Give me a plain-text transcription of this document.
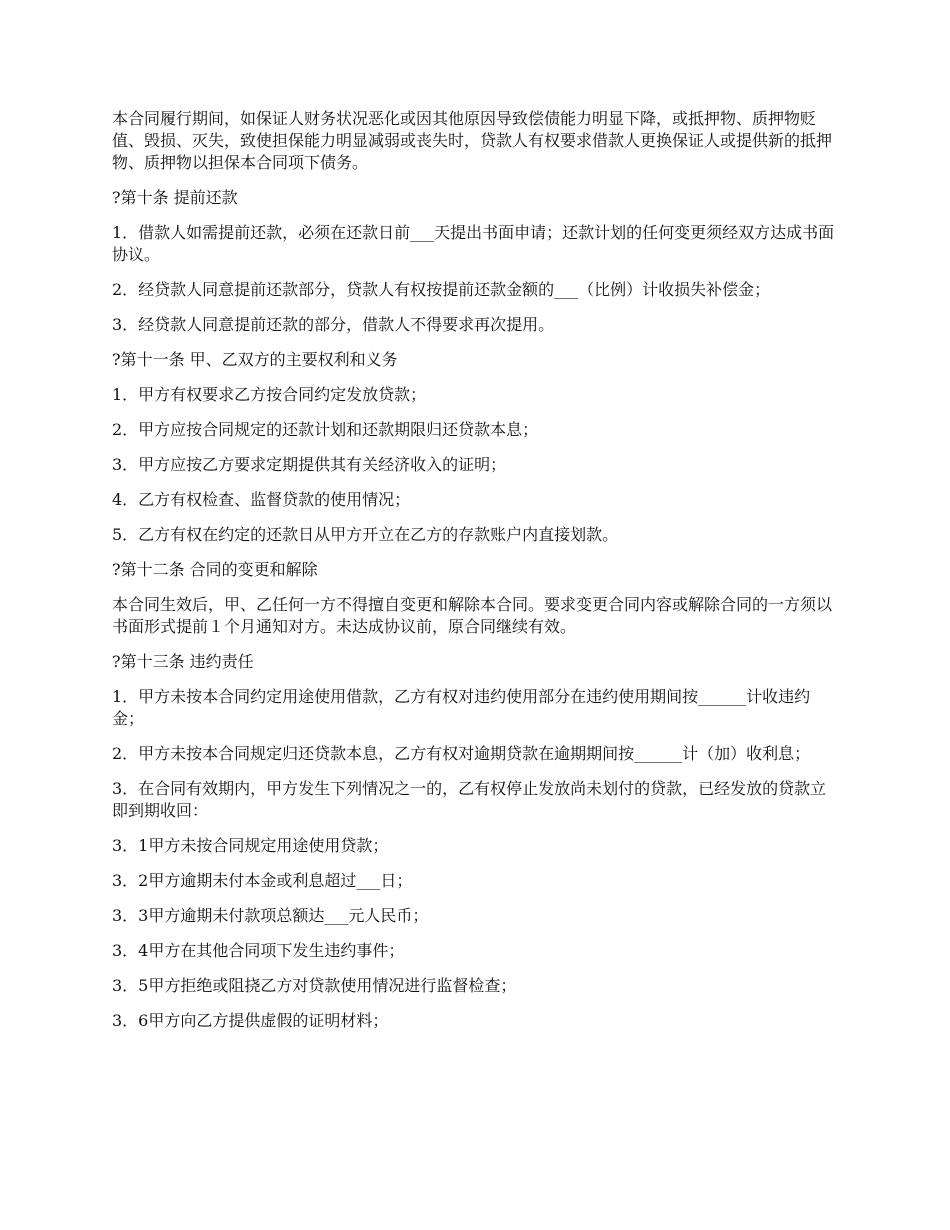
本合同履行期间，如保证人财务状况恶化或因其他原因导致偿债能力明显下降，或抵押物、质押物贬值、毁损、灭失，致使担保能力明显减弱或丧失时，贷款人有权要求借款人更换保证人或提供新的抵押物、质押物以担保本合同项下债务。

?第十条 提前还款

1．借款人如需提前还款，必须在还款日前___天提出书面申请；还款计划的任何变更须经双方达成书面协议。

2．经贷款人同意提前还款部分，贷款人有权按提前还款金额的___（比例）计收损失补偿金；

3．经贷款人同意提前还款的部分，借款人不得要求再次提用。

?第十一条 甲、乙双方的主要权利和义务

1．甲方有权要求乙方按合同约定发放贷款；

2．甲方应按合同规定的还款计划和还款期限归还贷款本息；

3．甲方应按乙方要求定期提供其有关经济收入的证明；

4．乙方有权检查、监督贷款的使用情况；

5．乙方有权在约定的还款日从甲方开立在乙方的存款账户内直接划款。

?第十二条 合同的变更和解除

本合同生效后，甲、乙任何一方不得擅自变更和解除本合同。要求变更合同内容或解除合同的一方须以书面形式提前１个月通知对方。未达成协议前，原合同继续有效。

?第十三条 违约责任

1．甲方未按本合同约定用途使用借款，乙方有权对违约使用部分在违约使用期间按______计收违约金；

2．甲方未按本合同规定归还贷款本息，乙方有权对逾期贷款在逾期期间按______计（加）收利息；

3．在合同有效期内，甲方发生下列情况之一的，乙有权停止发放尚未划付的贷款，已经发放的贷款立即到期收回：

3．1甲方未按合同规定用途使用贷款；

3．2甲方逾期未付本金或利息超过___日；

3．3甲方逾期未付款项总额达___元人民币；

3．4甲方在其他合同项下发生违约事件；

3．5甲方拒绝或阻挠乙方对贷款使用情况进行监督检查；

3．6甲方向乙方提供虚假的证明材料；
